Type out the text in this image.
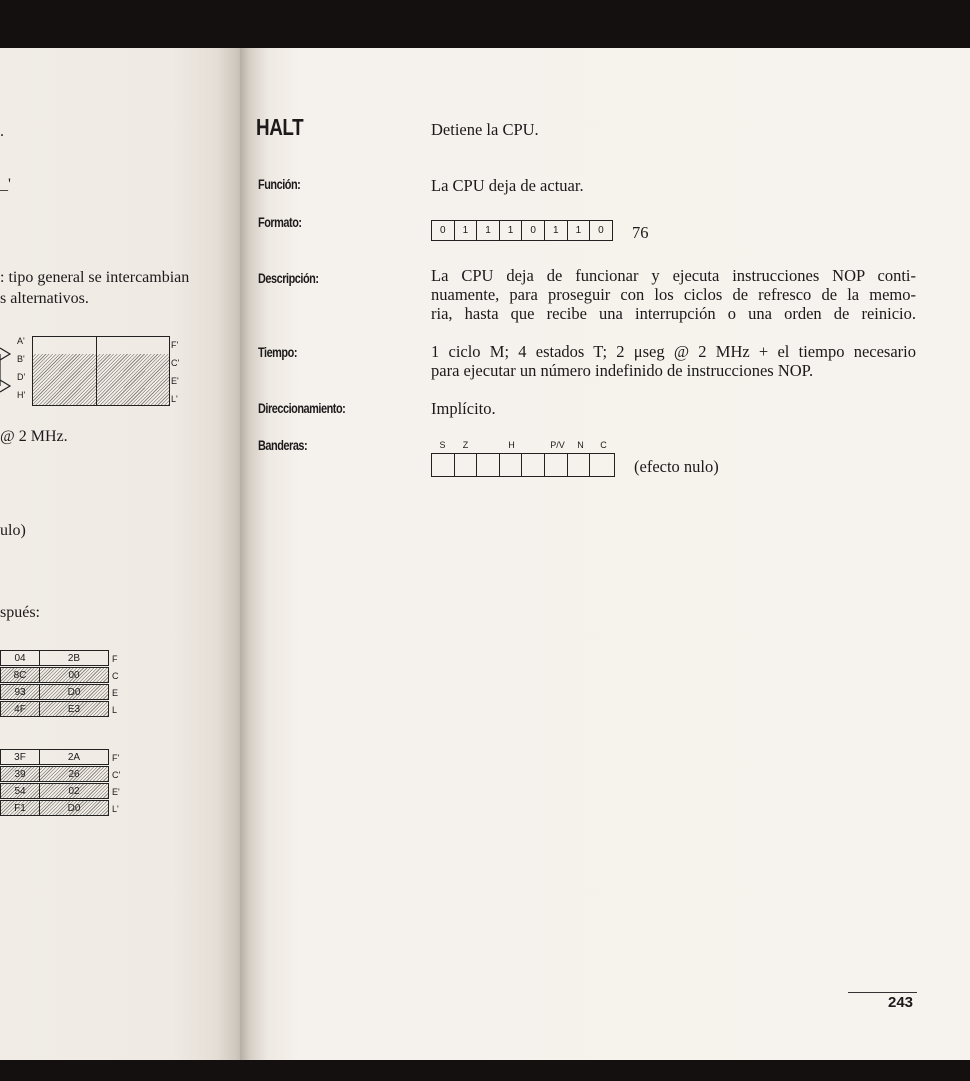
.
_'
: tipo general se intercambian
s alternativos.
A'
B'
D'
H'
F'
C'
E'
L'
@ 2 MHz.
ulo)
spués:
04	2B
8C	00
93	D0
4F	E3
F
C
E
L
3F	2A
39	26
54	02
F1	D0
F'
C'
E'
L'
HALT	Detiene la CPU.
Función:	La CPU deja de actuar.
Formato:
0	1	1	1	0	1	1	0	76
Descripción:	La CPU deja de funcionar y ejecuta instrucciones NOP conti-
nuamente, para proseguir con los ciclos de refresco de la memo-
ria, hasta que recibe una interrupción o una orden de reinicio.
Tiempo:	1 ciclo M; 4 estados T; 2 μseg @ 2 MHz + el tiempo necesario
para ejecutar un número indefinido de instrucciones NOP.
Direccionamiento:	Implícito.
Banderas:	S	Z	H	P/V	N	C
(efecto nulo)
243
